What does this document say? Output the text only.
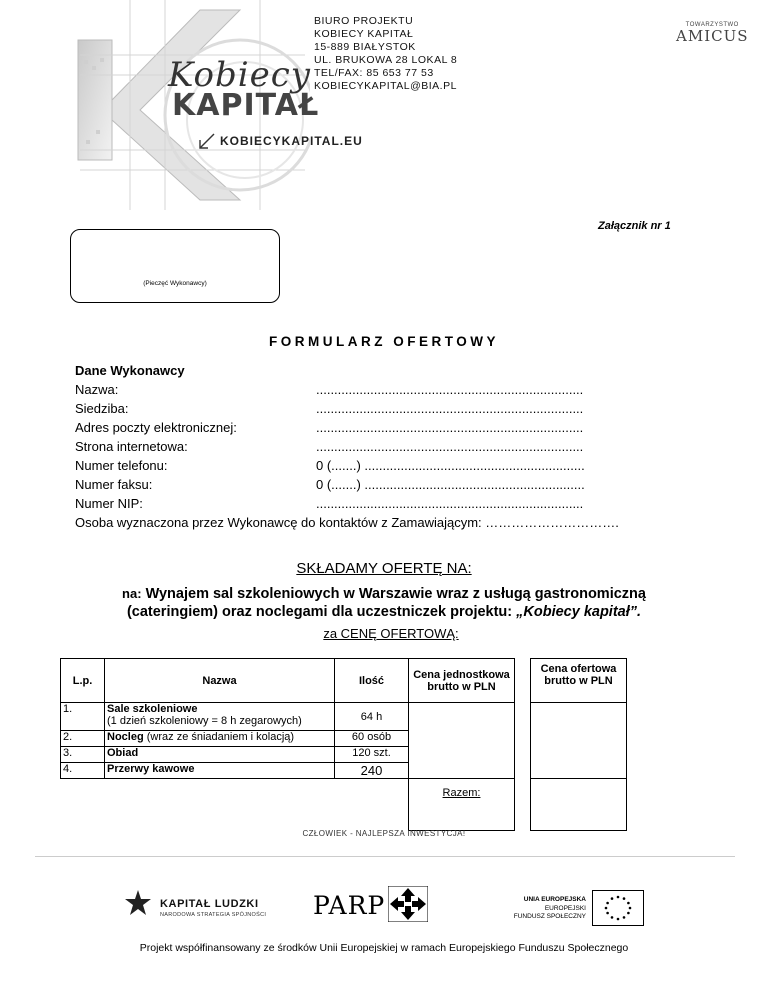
Kobiecy
KAPITAŁ
KOBIECYKAPITAL.EU
BIURO PROJEKTU
KOBIECY KAPITAŁ
15-889 BIAŁYSTOK
UL. BRUKOWA 28 LOKAL 8
TEL/FAX: 85 653 77 53
KOBIECYKAPITAL@BIA.PL
TOWARZYSTWO
AMICUS
Załącznik nr 1
(Pieczęć Wykonawcy)
FORMULARZ OFERTOWY
Dane Wykonawcy
Nazwa:	..........................................................................
Siedziba:	..........................................................................
Adres poczty elektronicznej:	..........................................................................
Strona internetowa:	..........................................................................
Numer telefonu:	0 (.......) .............................................................
Numer faksu:	0 (.......) .............................................................
Numer NIP:	..........................................................................
Osoba wyznaczona przez Wykonawcę do kontaktów z Zamawiającym: ………………………….
SKŁADAMY OFERTĘ NA:
na: Wynajem sal szkoleniowych w Warszawie wraz z usługą gastronomiczną
(cateringiem) oraz noclegami dla uczestniczek projektu: „Kobiecy kapitał”.
za CENĘ OFERTOWĄ:
L.p.	Nazwa	Ilość	Cena jednostkowa brutto w PLN		Cena ofertowa brutto w PLN
1.	Sale szkoleniowe
(1 dzień szkoleniowy = 8 h zegarowych)	64 h			
2.	Nocleg (wraz ze śniadaniem i kolacją)	60 osób			
3.	Obiad	120 szt.			
4.	Przerwy kawowe	240			
			Razem:		
CZŁOWIEK - NAJLEPSZA INWESTYCJA!
KAPITAŁ LUDZKI
NARODOWA STRATEGIA SPÓJNOŚCI PARP	UNIA EUROPEJSKA
EUROPEJSKI
FUNDUSZ SPOŁECZNY
Projekt współfinansowany ze środków Unii Europejskiej w ramach Europejskiego Funduszu Społecznego
